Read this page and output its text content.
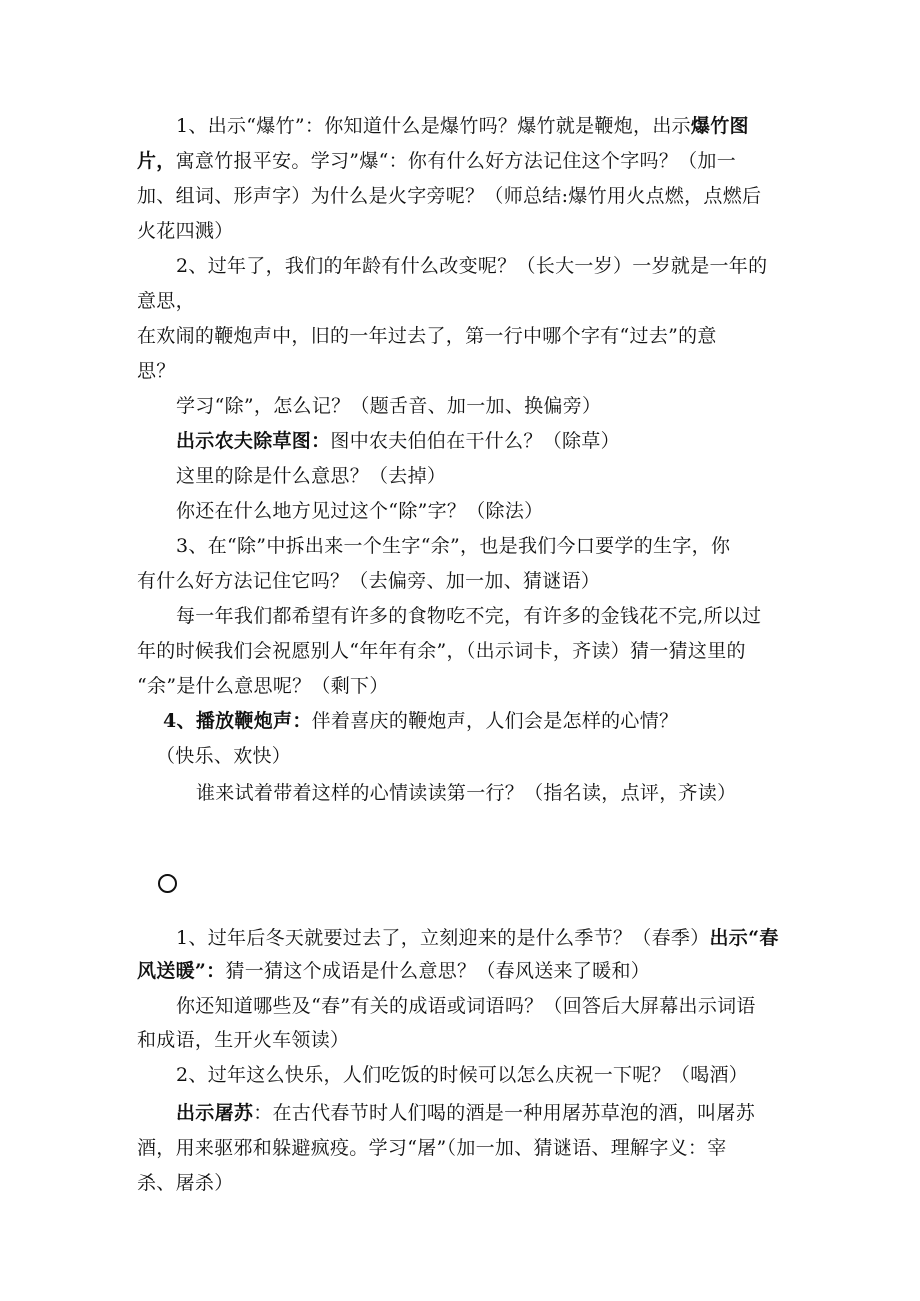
1、出示“爆竹”：你知道什么是爆竹吗？爆竹就是鞭炮，出示爆竹图
片，寓意竹报平安。学习”爆“：你有什么好方法记住这个字吗？（加一
加、组词、形声字）为什么是火字旁呢？（师总结:爆竹用火点燃，点燃后
火花四溅）
2、过年了，我们的年龄有什么改变呢？（长大一岁）一岁就是一年的
意思，
在欢闹的鞭炮声中，旧的一年过去了，第一行中哪个字有“过去”的意
思？
学习“除”，怎么记？（题舌音、加一加、换偏旁）
出示农夫除草图：图中农夫伯伯在干什么？（除草）
这里的除是什么意思？（去掉）
你还在什么地方见过这个“除”字？（除法）
3、在“除”中拆出来一个生字“余”，也是我们今口要学的生字，你
有什么好方法记住它吗？（去偏旁、加一加、猜谜语）
每一年我们都希望有许多的食物吃不完，有许多的金钱花不完,所以过
年的时候我们会祝愿别人“年年有余”，（出示词卡，齐读）猜一猜这里的
“余”是什么意思呢？（剩下）
4、播放鞭炮声：伴着喜庆的鞭炮声，人们会是怎样的心情？
（快乐、欢快）
谁来试着带着这样的心情读读第一行？（指名读，点评，齐读）
1、过年后冬天就要过去了，立刻迎来的是什么季节？（春季）出示“春
风送暖”：猜一猜这个成语是什么意思？（春风送来了暖和）
你还知道哪些及“春”有关的成语或词语吗？（回答后大屏幕出示词语
和成语，生开火车领读）
2、过年这么快乐，人们吃饭的时候可以怎么庆祝一下呢？（喝酒）
出示屠苏：在古代春节时人们喝的酒是一种用屠苏草泡的酒，叫屠苏
酒，用来驱邪和躲避疯疫。学习“屠”（加一加、猜谜语、理解字义：宰
杀、屠杀）
